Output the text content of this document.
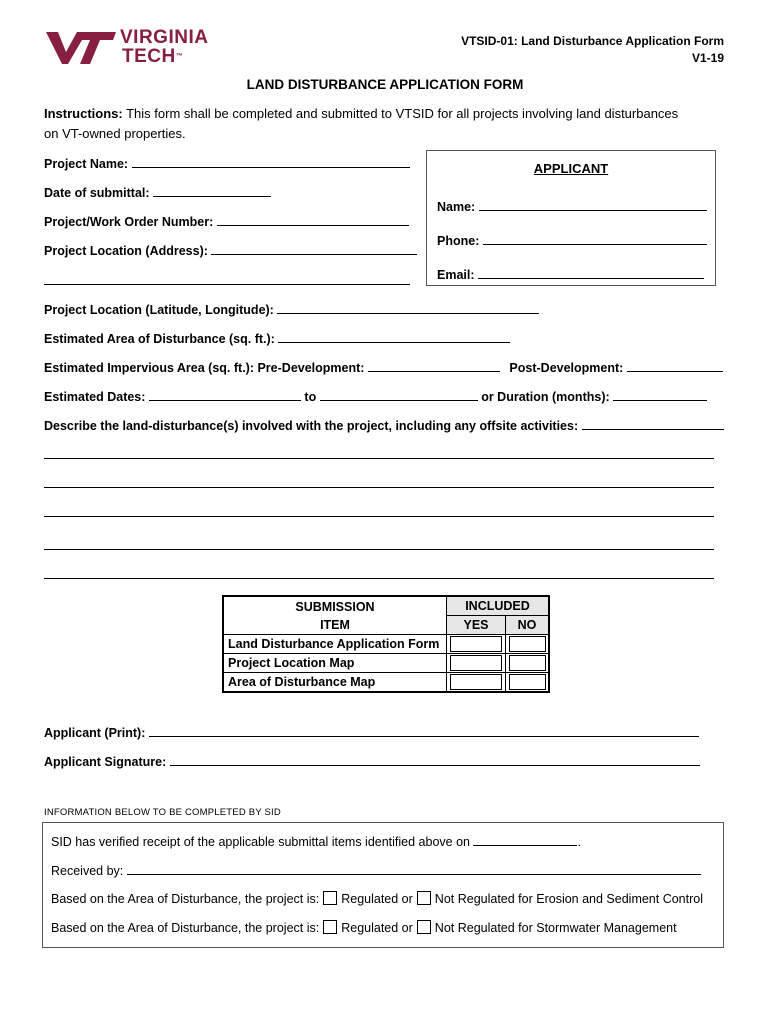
VIRGINIA
TECH™
VTSID-01: Land Disturbance Application Form
V1-19
LAND DISTURBANCE APPLICATION FORM
Instructions: This form shall be completed and submitted to VTSID for all projects involving land disturbances on VT-owned properties.
Project Name:
Date of submittal:
Project/Work Order Number:
Project Location (Address):
APPLICANT
Name:
Phone:
Email:
Project Location (Latitude, Longitude):
Estimated Area of Disturbance (sq. ft.):
Estimated Impervious Area (sq. ft.): Pre-Development:	Post-Development:
Estimated Dates:	to	or Duration (months):
Describe the land-disturbance(s) involved with the project, including any offsite activities:
SUBMISSION
ITEM	INCLUDED	
	YES	NO
Land Disturbance Application Form	

Project Location Map	

Area of Disturbance Map	

Applicant (Print):
Applicant Signature:
INFORMATION BELOW TO BE COMPLETED BY SID
SID has verified receipt of the applicable submittal items identified above on	.
Received by:
Based on the Area of Disturbance, the project is: Regulated or Not Regulated for Erosion and Sediment Control
Based on the Area of Disturbance, the project is: Regulated or Not Regulated for Stormwater Management
